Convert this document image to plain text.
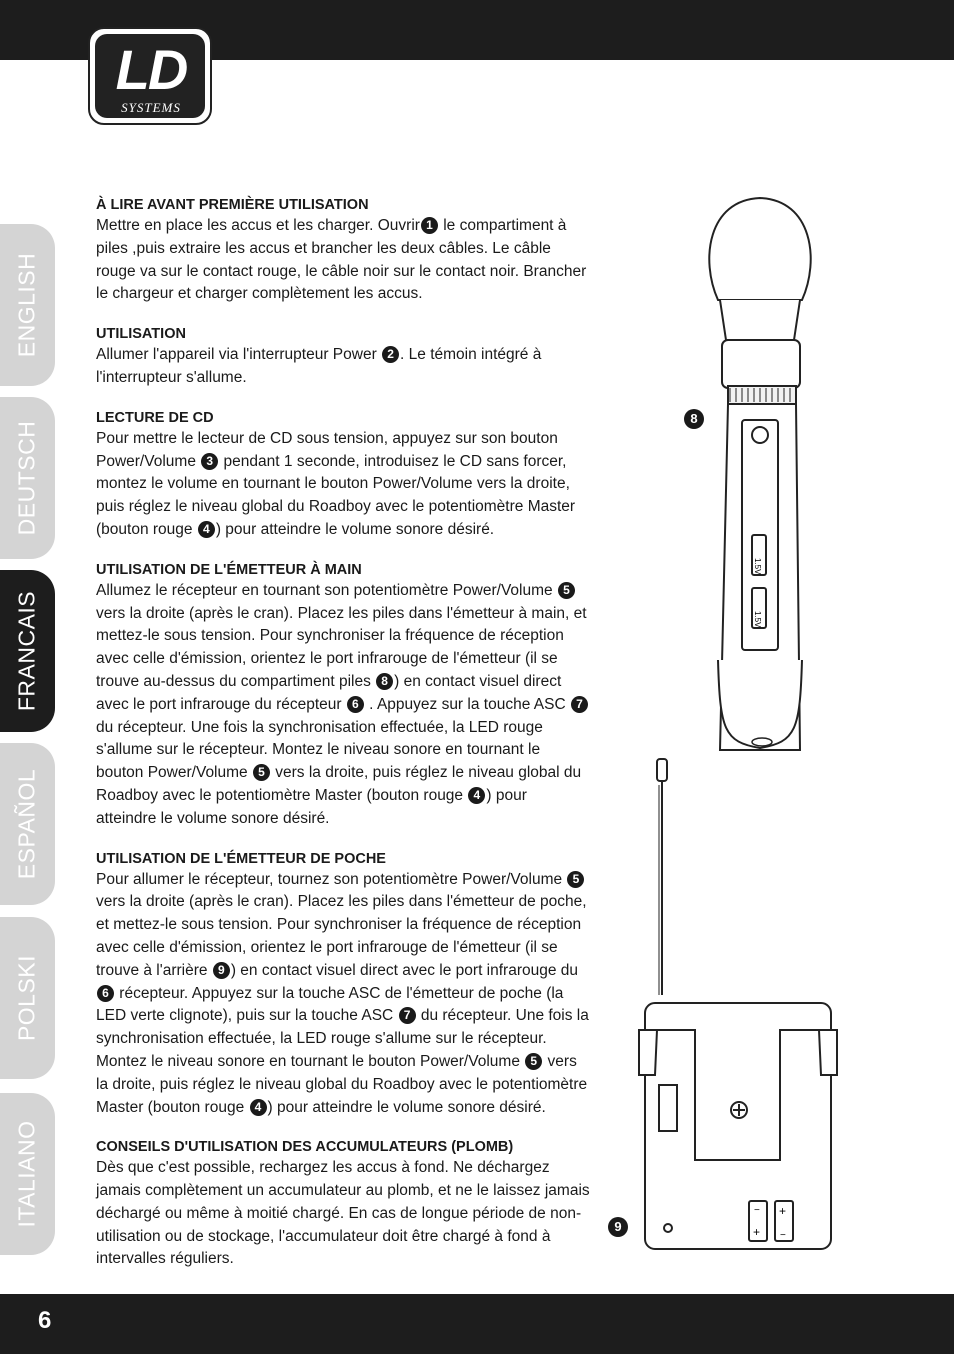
LD
SYSTEMS
ENGLISH
DEUTSCH
FRANCAIS
ESPAÑOL
POLSKI
ITALIANO
À LIRE AVANT PREMIÈRE UTILISATION

Mettre en place les accus et les charger. Ouvrir 1 le compartiment à piles ,puis extraire les accus et brancher les deux câbles. Le câble rouge va sur le contact rouge, le câble noir sur le contact noir. Brancher le chargeur et charger complètement les accus.

UTILISATION

Allumer l'appareil via l'interrupteur Power 2 . Le témoin intégré à l'interrupteur s'allume.

LECTURE DE CD

Pour mettre le lecteur de CD sous tension, appuyez sur son bouton Power/Volume 3 pendant 1 seconde, introduisez le CD sans forcer, montez le volume en tournant le bouton Power/Volume vers la droite, puis réglez le niveau global du Roadboy avec le potentiomètre Master (bouton rouge 4 ) pour atteindre le volume sonore désiré.

UTILISATION DE L'ÉMETTEUR À MAIN

Allumez le récepteur en tournant son potentiomètre Power/Volume 5 vers la droite (après le cran). Placez les piles dans l'émetteur à main, et mettez-le sous tension. Pour synchroniser la fréquence de réception avec celle d'émission, orientez le port infrarouge de l'émetteur (il se trouve au-dessus du compartiment piles 8 ) en contact visuel direct avec le port infrarouge du récepteur 6 . Appuyez sur la touche ASC 7 du récepteur. Une fois la synchronisation effectuée, la LED rouge s'allume sur le récepteur. Montez le niveau sonore en tournant le bouton Power/Volume 5 vers la droite, puis réglez le niveau global du Roadboy avec le potentiomètre Master (bouton rouge 4 ) pour atteindre le volume sonore désiré.

UTILISATION DE L'ÉMETTEUR DE POCHE

Pour allumer le récepteur, tournez son potentiomètre Power/Volume 5 vers la droite (après le cran). Placez les piles dans l'émetteur de poche, et mettez-le sous tension. Pour synchroniser la fréquence de réception avec celle d'émission, orientez le port infrarouge de l'émetteur (il se trouve à l'arrière 9 ) en contact visuel direct avec le port infrarouge du 6 récepteur. Appuyez sur la touche ASC de l'émetteur de poche (la LED verte clignote), puis sur la touche ASC 7 du récepteur. Une fois la synchronisation effectuée, la LED rouge s'allume sur le récepteur. Montez le niveau sonore en tournant le bouton Power/Volume 5 vers la droite, puis réglez le niveau global du Roadboy avec le potentiomètre Master (bouton rouge 4 ) pour atteindre le volume sonore désiré.

CONSEILS D'UTILISATION DES ACCUMULATEURS (PLOMB)

Dès que c'est possible, rechargez les accus à fond. Ne déchargez jamais complètement un accumulateur au plomb, et ne le laissez jamais déchargé ou même à moitié chargé. En cas de longue période de non-utilisation ou de stockage, l'accumulateur doit être chargé à fond à intervalles réguliers.

1.5V
1.5V
8
−
+
+
−
9
6
